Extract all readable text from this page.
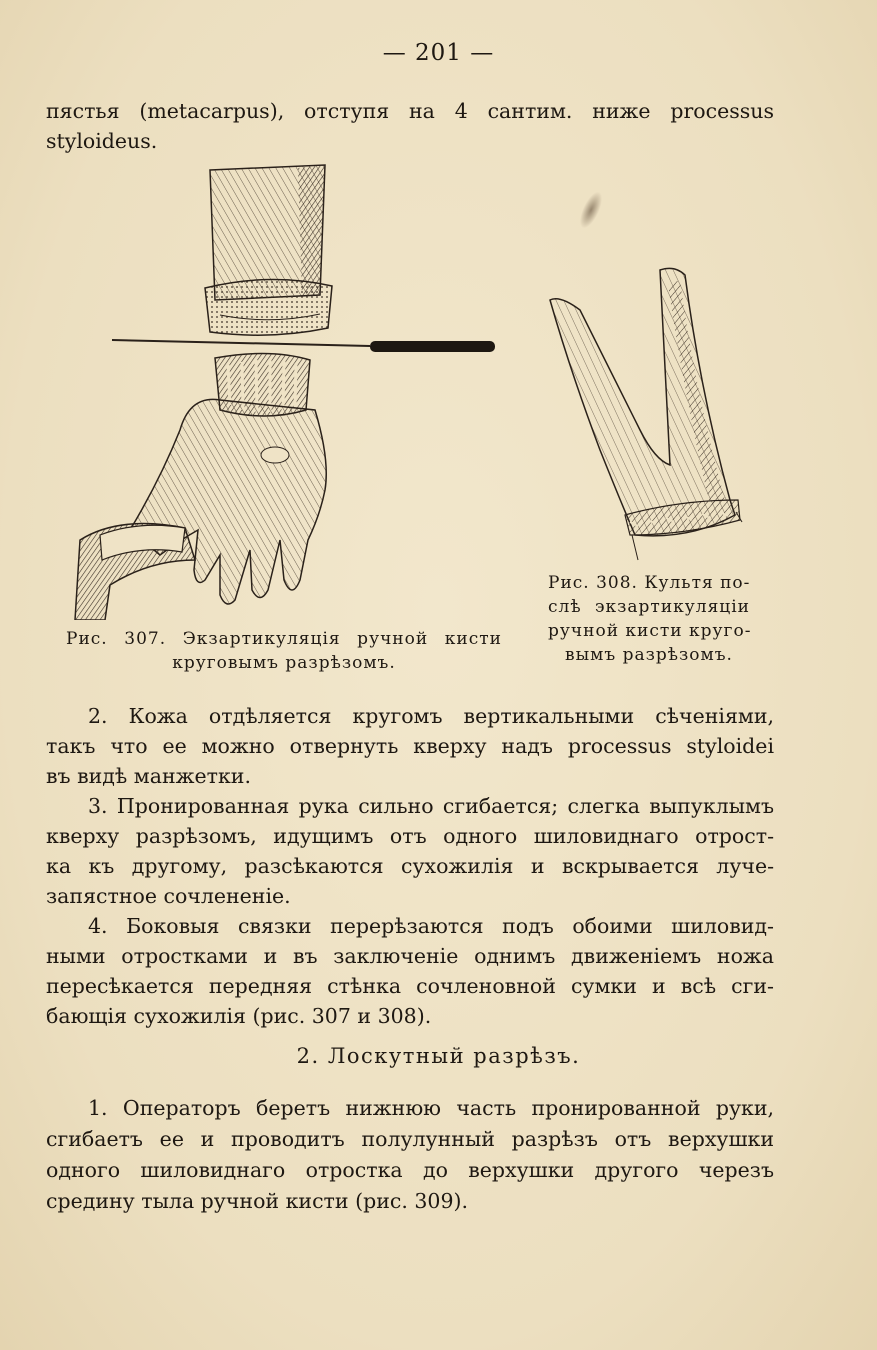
— 201 —
пястья (metacarpus), отступя на 4 сантим. ниже processus
styloideus.
Рис. 307. Экзартикуляція ручной кисти
круговымъ разрѣзомъ.
Рис. 308. Культя по-
слѣ экзартикуляціи
ручной кисти круго-
вымъ разрѣзомъ.
2. Кожа отдѣляется кругомъ вертикальными сѣченіями,
такъ что ее можно отвернуть кверху надъ processus styloidei
въ видѣ манжетки.
3. Пронированная рука сильно сгибается; слегка выпуклымъ
кверху разрѣзомъ, идущимъ отъ одного шиловиднаго отрост-
ка къ другому, разсѣкаются сухожилія и вскрывается луче-
запястное сочлененіе.
4. Боковыя связки перерѣзаются подъ обоими шиловид-
ными отростками и въ заключеніе однимъ движеніемъ ножа
пересѣкается передняя стѣнка сочленовной сумки и всѣ сги-
бающія сухожилія (рис. 307 и 308).
2. Лоскутный разрѣзъ.
1. Операторъ беретъ нижнюю часть пронированной руки,
сгибаетъ ее и проводитъ полулунный разрѣзъ отъ верхушки
одного шиловиднаго отростка до верхушки другого черезъ
средину тыла ручной кисти (рис. 309).
